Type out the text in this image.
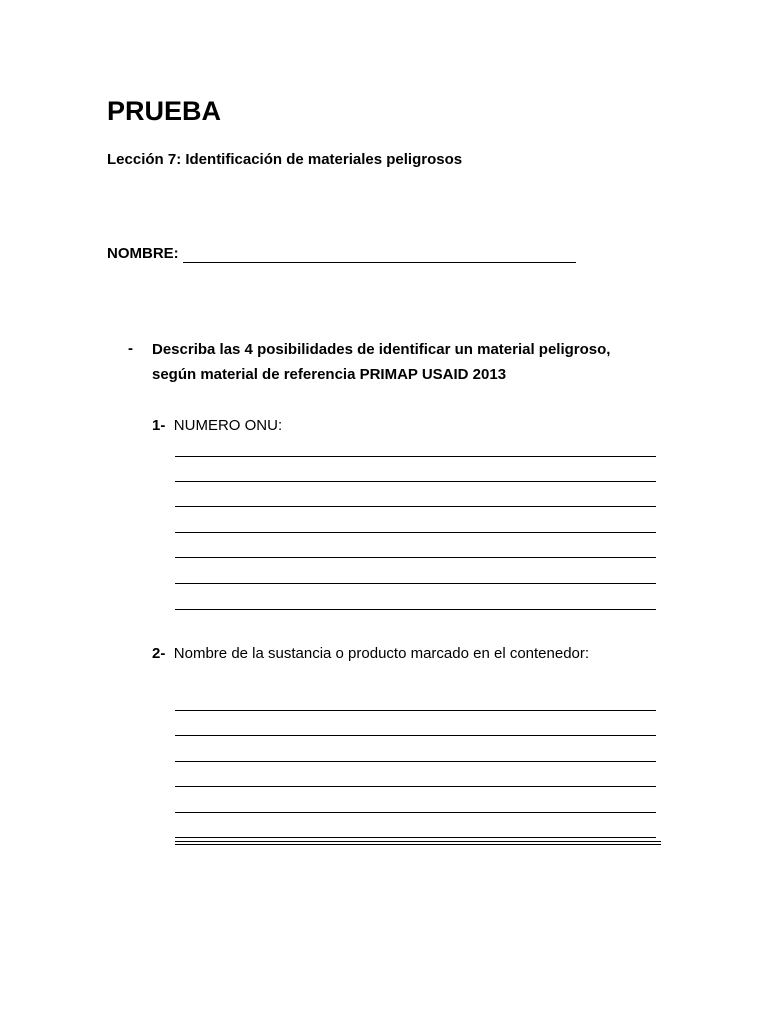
PRUEBA
Lección 7: Identificación de materiales peligrosos
NOMBRE:
- Describa las 4 posibilidades de identificar un material peligroso,
según material de referencia PRIMAP USAID 2013
1- NUMERO ONU:
2- Nombre de la sustancia o producto marcado en el contenedor:
